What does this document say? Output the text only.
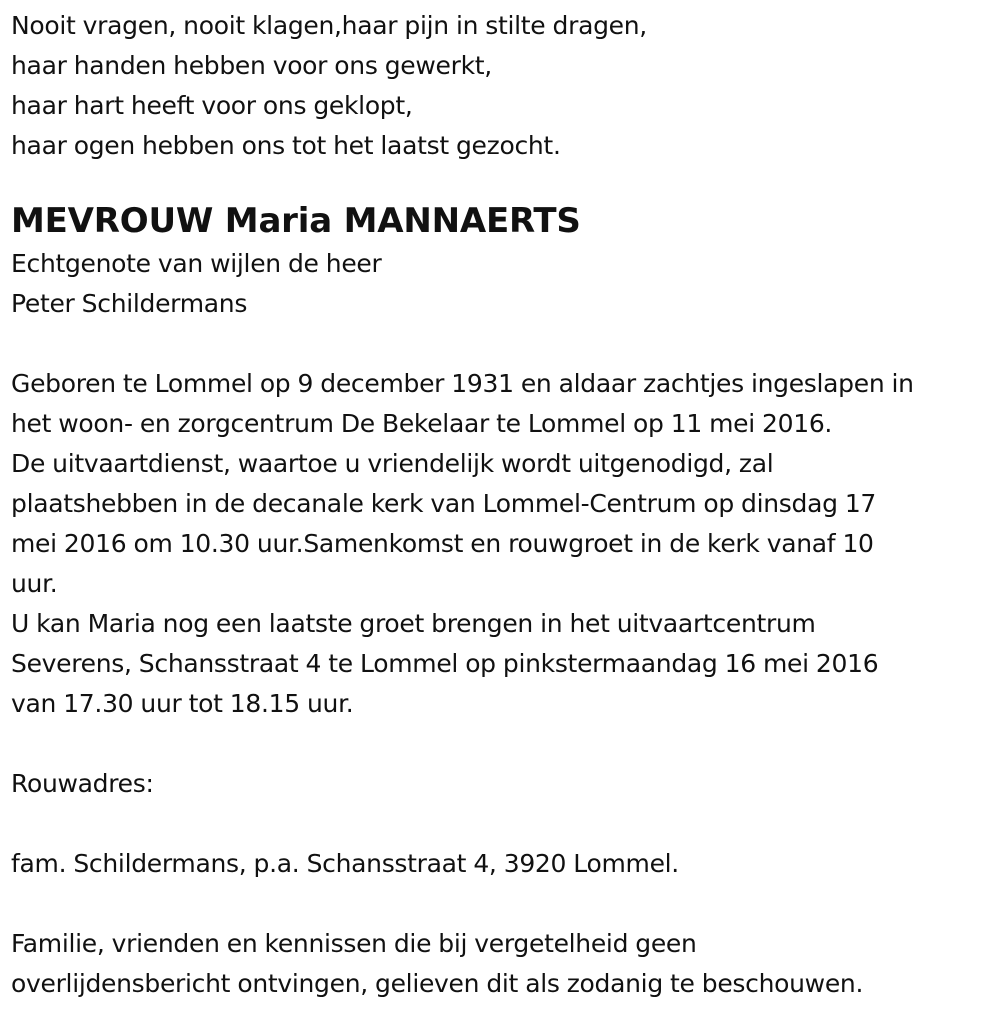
Nooit vragen, nooit klagen,haar pijn in stilte dragen,
haar handen hebben voor ons gewerkt,
haar hart heeft voor ons geklopt,
haar ogen hebben ons tot het laatst gezocht.
MEVROUW Maria MANNAERTS
Echtgenote van wijlen de heer
Peter Schildermans
Geboren te Lommel op 9 december 1931 en aldaar zachtjes ingeslapen in
het woon- en zorgcentrum De Bekelaar te Lommel op 11 mei 2016.
De uitvaartdienst, waartoe u vriendelijk wordt uitgenodigd, zal
plaatshebben in de decanale kerk van Lommel-Centrum op dinsdag 17
mei 2016 om 10.30 uur.Samenkomst en rouwgroet in de kerk vanaf 10
uur.
U kan Maria nog een laatste groet brengen in het uitvaartcentrum
Severens, Schansstraat 4 te Lommel op pinkstermaandag 16 mei 2016
van 17.30 uur tot 18.15 uur.
Rouwadres:
fam. Schildermans, p.a. Schansstraat 4, 3920 Lommel.
Familie, vrienden en kennissen die bij vergetelheid geen
overlijdensbericht ontvingen, gelieven dit als zodanig te beschouwen.
